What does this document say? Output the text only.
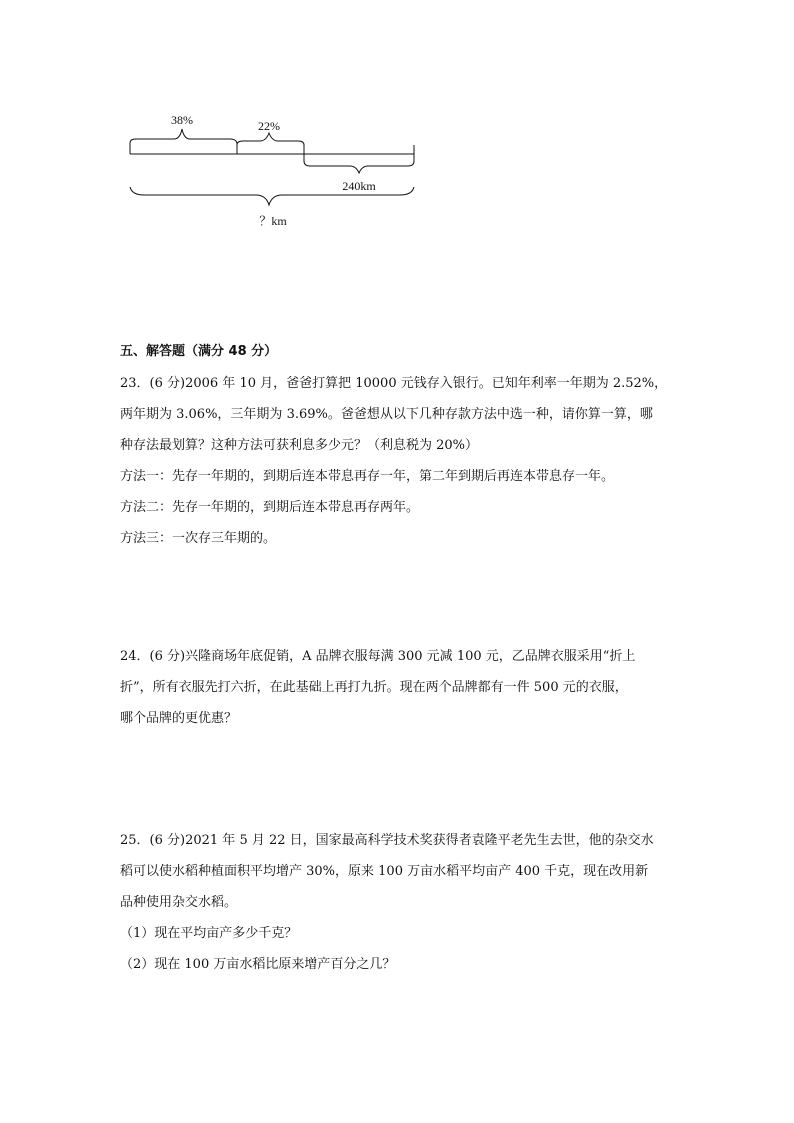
38%	22%
240km
？km

五、解答题（满分 48 分）

23．(6 分)2006 年 10 月，爸爸打算把 10000 元钱存入银行。已知年利率一年期为 2.52%，

两年期为 3.06%，三年期为 3.69%。爸爸想从以下几种存款方法中选一种，请你算一算，哪

种存法最划算？这种方法可获利息多少元？（利息税为 20%）

方法一：先存一年期的，到期后连本带息再存一年，第二年到期后再连本带息存一年。

方法二：先存一年期的，到期后连本带息再存两年。

方法三：一次存三年期的。

24．(6 分)兴隆商场年底促销，A 品牌衣服每满 300 元减 100 元，乙品牌衣服采用“折上

折”，所有衣服先打六折，在此基础上再打九折。现在两个品牌都有一件 500 元的衣服，

哪个品牌的更优惠？

25．(6 分)2021 年 5 月 22 日，国家最高科学技术奖获得者袁隆平老先生去世，他的杂交水

稻可以使水稻种植面积平均增产 30%，原来 100 万亩水稻平均亩产 400 千克，现在改用新

品种使用杂交水稻。

（1）现在平均亩产多少千克？

（2）现在 100 万亩水稻比原来增产百分之几？
